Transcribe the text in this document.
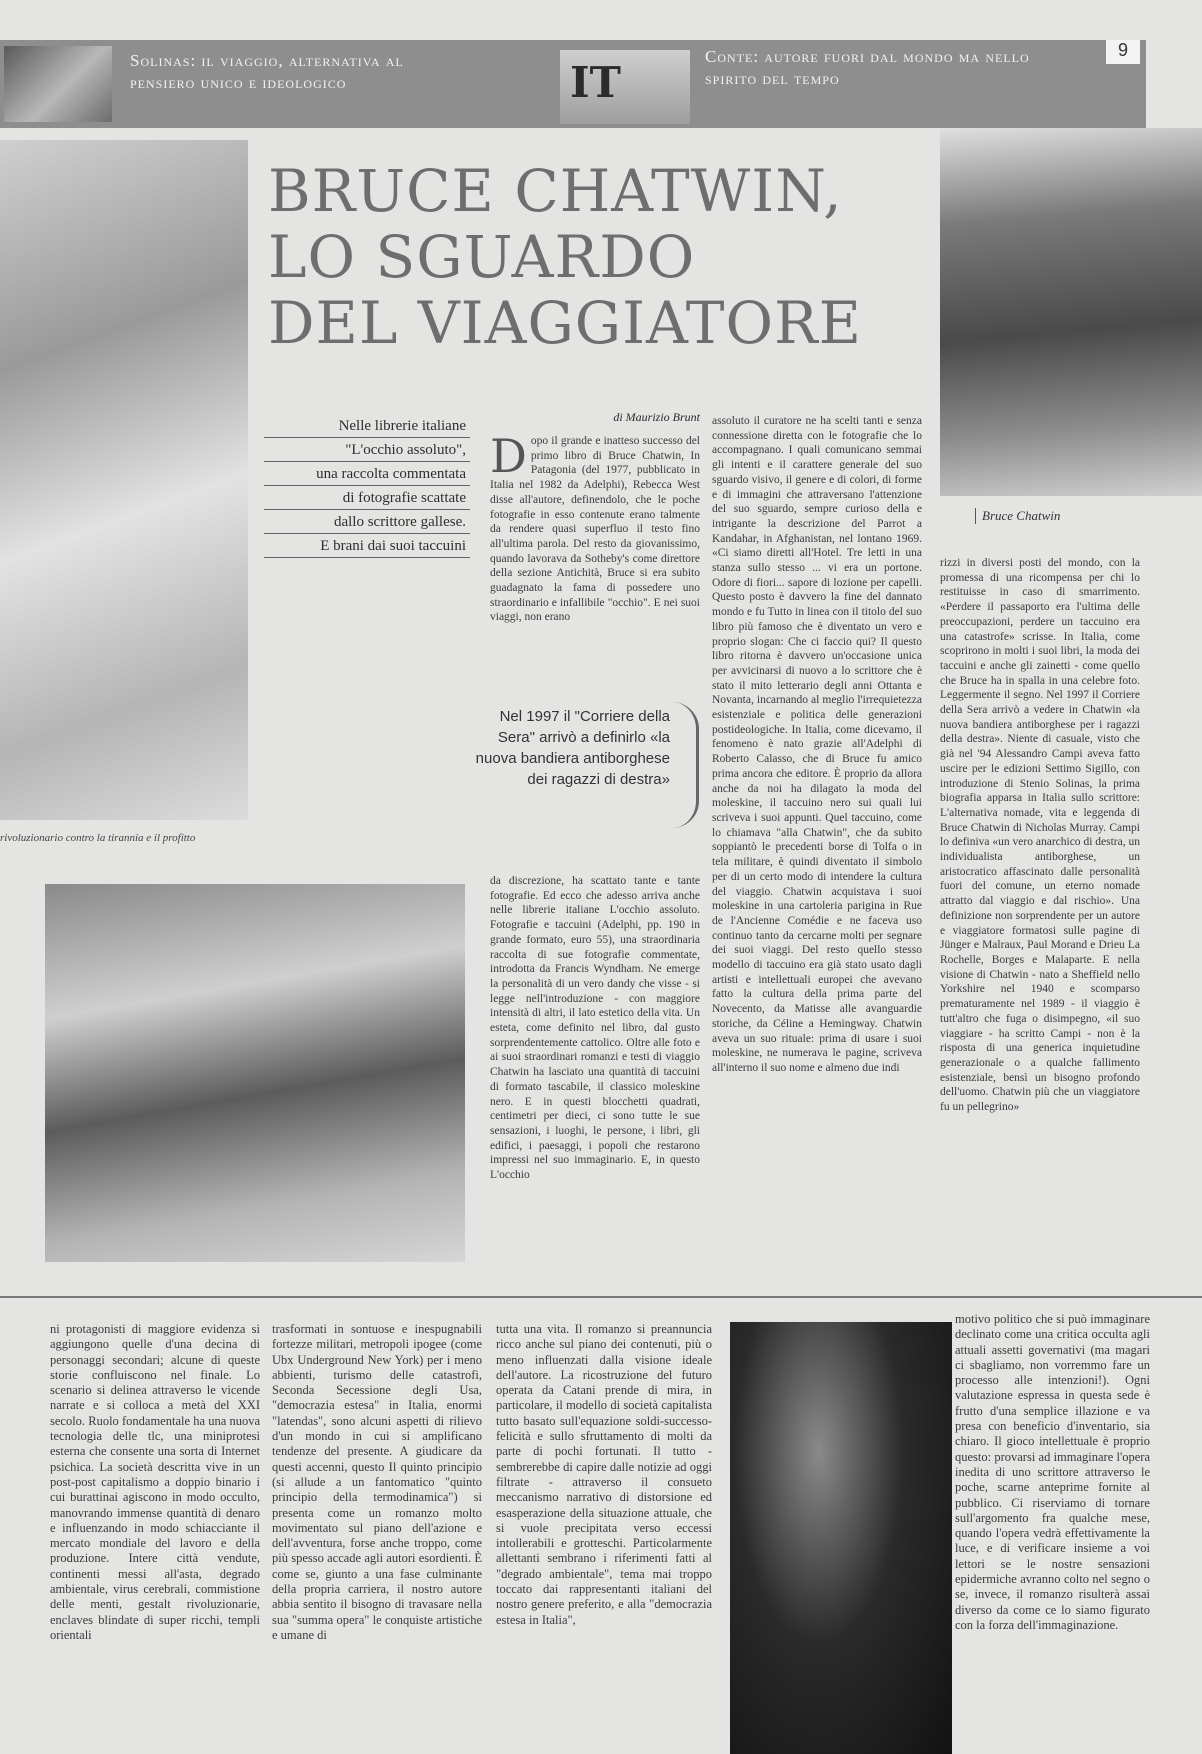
Solinas: il viaggio, alternativa al pensiero unico e ideologico	IT
Conte: autore fuori dal mondo ma nello spirito del tempo
9
rivoluzionario contro la tirannia e il profitto
BRUCE CHATWIN,
LO SGUARDO
DEL VIAGGIATORE
Bruce Chatwin
Nelle librerie italiane
"L'occhio assoluto",
una raccolta commentata
di fotografie scattate
dallo scrittore gallese.
E brani dai suoi taccuini
di Maurizio Brunt
Dopo il grande e inatteso successo del primo libro di Bruce Chatwin, In Patagonia (del 1977, pubblicato in Italia nel 1982 da Adelphi), Rebecca West disse all'autore, definendolo, che le poche fotografie in esso contenute erano talmente da rendere quasi superfluo il testo fino all'ultima parola. Del resto da giovanissimo, quando lavorava da Sotheby's come direttore della sezione Antichità, Bruce si era subito guadagnato la fama di possedere uno straordinario e infallibile "occhio". E nei suoi viaggi, non erano
Nel 1997 il "Corriere della Sera" arrivò a definirlo «la nuova bandiera antiborghese dei ragazzi di destra»
da discrezione, ha scattato tante e tante fotografie. Ed ecco che adesso arriva anche nelle librerie italiane L'occhio assoluto. Fotografie e taccuini (Adelphi, pp. 190 in grande formato, euro 55), una straordinaria raccolta di sue fotografie commentate, introdotta da Francis Wyndham. Ne emerge la personalità di un vero dandy che visse - si legge nell'introduzione - con maggiore intensità di altri, il lato estetico della vita. Un esteta, come definito nel libro, dal gusto sorprendentemente cattolico. Oltre alle foto e ai suoi straordinari romanzi e testi di viaggio Chatwin ha lasciato una quantità di taccuini di formato tascabile, il classico moleskine nero. E in questi blocchetti quadrati, centimetri per dieci, ci sono tutte le sue sensazioni, i luoghi, le persone, i libri, gli edifici, i paesaggi, i popoli che restarono impressi nel suo immaginario. E, in questo L'occhio
assoluto il curatore ne ha scelti tanti e senza connessione diretta con le fotografie che lo accompagnano. I quali comunicano semmai gli intenti e il carattere generale del suo sguardo visivo, il genere e di colori, di forme e di immagini che attraversano l'attenzione del suo sguardo, sempre curioso della e intrigante la descrizione del Parrot a Kandahar, in Afghanistan, nel lontano 1969. «Ci siamo diretti all'Hotel. Tre letti in una stanza sullo stesso ... vi era un portone. Odore di fiori... sapore di lozione per capelli. Questo posto è davvero la fine del dannato mondo e fu Tutto in linea con il titolo del suo libro più famoso che è diventato un vero e proprio slogan: Che ci faccio qui? Il questo libro ritorna è davvero un'occasione unica per avvicinarsi di nuovo a lo scrittore che è stato il mito letterario degli anni Ottanta e Novanta, incarnando al meglio l'irrequietezza esistenziale e politica delle generazioni postideologiche. In Italia, come dicevamo, il fenomeno è nato grazie all'Adelphi di Roberto Calasso, che di Bruce fu amico prima ancora che editore. È proprio da allora anche da noi ha dilagato la moda del moleskine, il taccuino nero sui quali lui scriveva i suoi appunti. Quel taccuino, come lo chiamava "alla Chatwin", che da subito soppiantò le precedenti borse di Tolfa o in tela militare, è quindi diventato il simbolo per di un certo modo di intendere la cultura del viaggio. Chatwin acquistava i suoi moleskine in una cartoleria parigina in Rue de l'Ancienne Comédie e ne faceva uso continuo tanto da cercarne molti per segnare dei suoi viaggi. Del resto quello stesso modello di taccuino era già stato usato dagli artisti e intellettuali europei che avevano fatto la cultura della prima parte del Novecento, da Matisse alle avanguardie storiche, da Céline a Hemingway. Chatwin aveva un suo rituale: prima di usare i suoi moleskine, ne numerava le pagine, scriveva all'interno il suo nome e almeno due indi
rizzi in diversi posti del mondo, con la promessa di una ricompensa per chi lo restituisse in caso di smarrimento. «Perdere il passaporto era l'ultima delle preoccupazioni, perdere un taccuino era una catastrofe» scrisse. In Italia, come scoprirono in molti i suoi libri, la moda dei taccuini e anche gli zainetti - come quello che Bruce ha in spalla in una celebre foto. Leggermente il segno. Nel 1997 il Corriere della Sera arrivò a vedere in Chatwin «la nuova bandiera antiborghese per i ragazzi della destra». Niente di casuale, visto che già nel '94 Alessandro Campi aveva fatto uscire per le edizioni Settimo Sigillo, con introduzione di Stenio Solinas, la prima biografia apparsa in Italia sullo scrittore: L'alternativa nomade, vita e leggenda di Bruce Chatwin di Nicholas Murray. Campi lo definiva «un vero anarchico di destra, un individualista antiborghese, un aristocratico affascinato dalle personalità fuori del comune, un eterno nomade attratto dal viaggio e dal rischio». Una definizione non sorprendente per un autore e viaggiatore formatosi sulle pagine di Jünger e Malraux, Paul Morand e Drieu La Rochelle, Borges e Malaparte. E nella visione di Chatwin - nato a Sheffield nello Yorkshire nel 1940 e scomparso prematuramente nel 1989 - il viaggio è tutt'altro che fuga o disimpegno, «il suo viaggiare - ha scritto Campi - non è la risposta di una generica inquietudine generazionale o a qualche fallimento esistenziale, bensì un bisogno profondo dell'uomo. Chatwin più che un viaggiatore fu un pellegrino»
ni protagonisti di maggiore evidenza si aggiungono quelle d'una decina di personaggi secondari; alcune di queste storie confluiscono nel finale. Lo scenario si delinea attraverso le vicende narrate e si colloca a metà del XXI secolo. Ruolo fondamentale ha una nuova tecnologia delle tlc, una miniprotesi esterna che consente una sorta di Internet psichica. La società descritta vive in un post-post capitalismo a doppio binario i cui burattinai agiscono in modo occulto, manovrando immense quantità di denaro e influenzando in modo schiacciante il mercato mondiale del lavoro e della produzione. Intere città vendute, continenti messi all'asta, degrado ambientale, virus cerebrali, commistione delle menti, gestalt rivoluzionarie, enclaves blindate di super ricchi, templi orientali
trasformati in sontuose e inespugnabili fortezze militari, metropoli ipogee (come Ubx Underground New York) per i meno abbienti, turismo delle catastrofi, Seconda Secessione degli Usa, "democrazia estesa" in Italia, enormi "latendas", sono alcuni aspetti di rilievo d'un mondo in cui si amplificano tendenze del presente. A giudicare da questi accenni, questo Il quinto principio (si allude a un fantomatico "quinto principio della termodinamica") si presenta come un romanzo molto movimentato sul piano dell'azione e dell'avventura, forse anche troppo, come più spesso accade agli autori esordienti. È come se, giunto a una fase culminante della propria carriera, il nostro autore abbia sentito il bisogno di travasare nella sua "summa opera" le conquiste artistiche e umane di
tutta una vita. Il romanzo si preannuncia ricco anche sul piano dei contenuti, più o meno influenzati dalla visione ideale dell'autore. La ricostruzione del futuro operata da Catani prende di mira, in particolare, il modello di società capitalista tutto basato sull'equazione soldi-successo-felicità e sullo sfruttamento di molti da parte di pochi fortunati. Il tutto - sembrerebbe di capire dalle notizie ad oggi filtrate - attraverso il consueto meccanismo narrativo di distorsione ed esasperazione della situazione attuale, che si vuole precipitata verso eccessi intollerabili e grotteschi. Particolarmente allettanti sembrano i riferimenti fatti al "degrado ambientale", tema mai troppo toccato dai rappresentanti italiani del nostro genere preferito, e alla "democrazia estesa in Italia",
motivo politico che si può immaginare declinato come una critica occulta agli attuali assetti governativi (ma magari ci sbagliamo, non vorremmo fare un processo alle intenzioni!). Ogni valutazione espressa in questa sede è frutto d'una semplice illazione e va presa con beneficio d'inventario, sia chiaro. Il gioco intellettuale è proprio questo: provarsi ad immaginare l'opera inedita di uno scrittore attraverso le poche, scarne anteprime fornite al pubblico. Ci riserviamo di tornare sull'argomento fra qualche mese, quando l'opera vedrà effettivamente la luce, e di verificare insieme a voi lettori se le nostre sensazioni epidermiche avranno colto nel segno o se, invece, il romanzo risulterà assai diverso da come ce lo siamo figurato con la forza dell'immaginazione.
